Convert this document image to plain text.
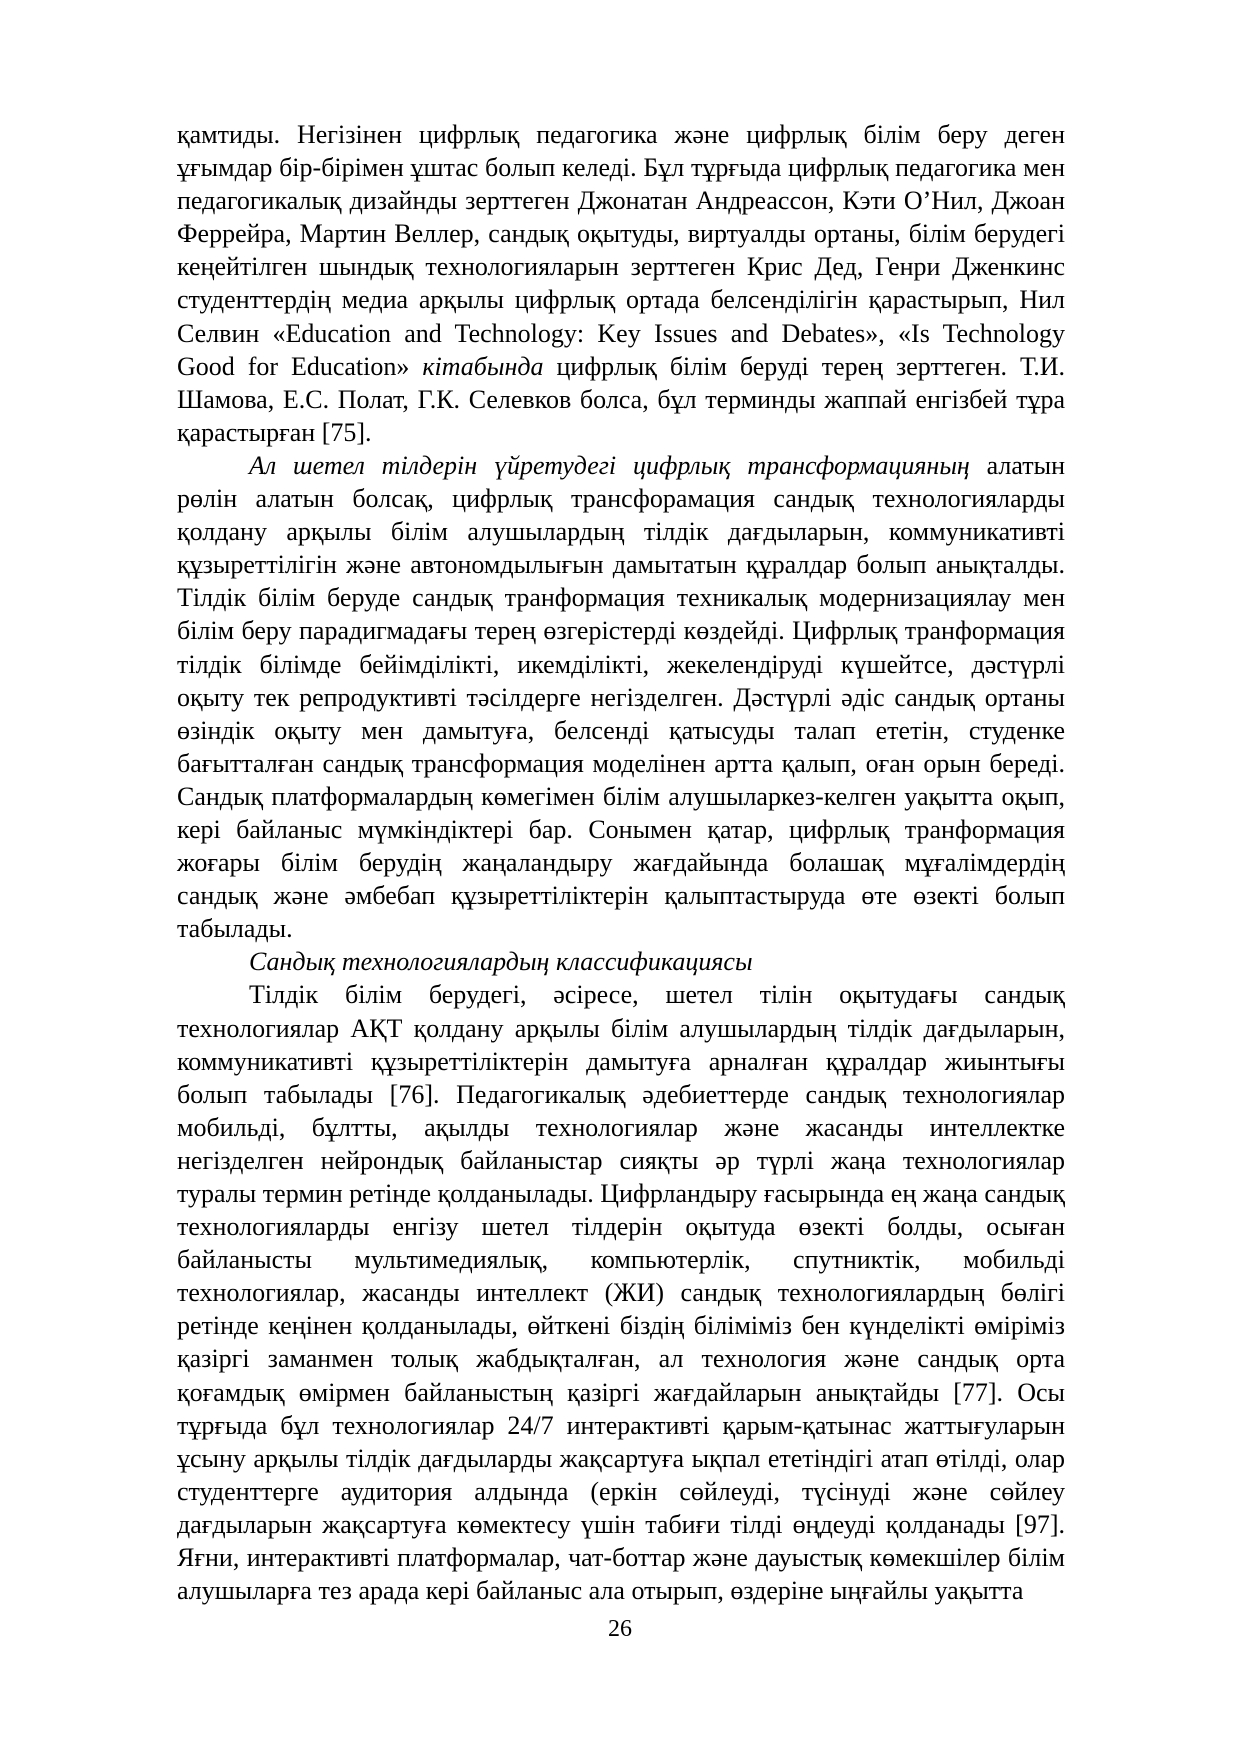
қамтиды. Негізінен цифрлық педагогика және цифрлық білім беру деген ұғымдар бір-бірімен ұштас болып келеді. Бұл тұрғыда цифрлық педагогика мен педагогикалық дизайнды зерттеген Джонатан Андреассон, Кэти О’Нил, Джоан Феррейра, Мартин Веллер, сандық оқытуды, виртуалды ортаны, білім берудегі кеңейтілген шындық технологияларын зерттеген Крис Дед, Генри Дженкинс студенттердің медиа арқылы цифрлық ортада белсенділігін қарастырып, Нил Селвин «Education and Technology: Key Issues and Debates», «Is Technology Good for Education» кітабында цифрлық білім беруді терең зерттеген. Т.И. Шамова, Е.С. Полат, Г.К. Селевков болса, бұл терминды жаппай енгізбей тұра қарастырған [75].

Ал шетел тілдерін үйретудегі цифрлық трансформацияның алатын рөлін алатын болсақ, цифрлық трансфорамация сандық технологияларды қолдану арқылы білім алушылардың тілдік дағдыларын, коммуникативті құзыреттілігін және автономдылығын дамытатын құралдар болып анықталды. Тілдік білім беруде сандық транформация техникалық модернизациялау мен білім беру парадигмадағы терең өзгерістерді көздейді. Цифрлық транформация тілдік білімде бейімділікті, икемділікті, жекелендіруді күшейтсе, дәстүрлі оқыту тек репродуктивті тәсілдерге негізделген. Дәстүрлі әдіс сандық ортаны өзіндік оқыту мен дамытуға, белсенді қатысуды талап ететін, студенке бағытталған сандық трансформация моделінен артта қалып, оған орын береді. Сандық платформалардың көмегімен білім алушыларкез-келген уақытта оқып, кері байланыс мүмкіндіктері бар. Сонымен қатар, цифрлық транформация жоғары білім берудің жаңаландыру жағдайында болашақ мұғалімдердің сандық және әмбебап құзыреттіліктерін қалыптастыруда өте өзекті болып табылады.

Сандық технологиялардың классификациясы

Тілдік білім берудегі, әсіресе, шетел тілін оқытудағы сандық технологиялар АҚТ қолдану арқылы білім алушылардың тілдік дағдыларын, коммуникативті құзыреттіліктерін дамытуға арналған құралдар жиынтығы болып табылады [76]. Педагогикалық әдебиеттерде сандық технологиялар мобильді, бұлтты, ақылды технологиялар және жасанды интеллектке негізделген нейрондық байланыстар сияқты әр түрлі жаңа технологиялар туралы термин ретінде қолданылады. Цифрландыру ғасырында ең жаңа сандық технологияларды енгізу шетел тілдерін оқытуда өзекті болды, осыған байланысты мультимедиялық, компьютерлік, спутниктік, мобильді технологиялар, жасанды интеллект (ЖИ) сандық технологиялардың бөлігі ретінде кеңінен қолданылады, өйткені біздің біліміміз бен күнделікті өміріміз қазіргі заманмен толық жабдықталған, ал технология және сандық орта қоғамдық өмірмен байланыстың қазіргі жағдайларын анықтайды [77]. Осы тұрғыда бұл технологиялар 24/7 интерактивті қарым-қатынас жаттығуларын ұсыну арқылы тілдік дағдыларды жақсартуға ықпал ететіндігі атап өтілді, олар студенттерге аудитория алдында (еркін сөйлеуді, түсінуді және сөйлеу дағдыларын жақсартуға көмектесу үшін табиғи тілді өңдеуді қолданады [97]. Яғни, интерактивті платформалар, чат-боттар және дауыстық көмекшілер білім алушыларға тез арада кері байланыс ала отырып, өздеріне ыңғайлы уақытта

26
